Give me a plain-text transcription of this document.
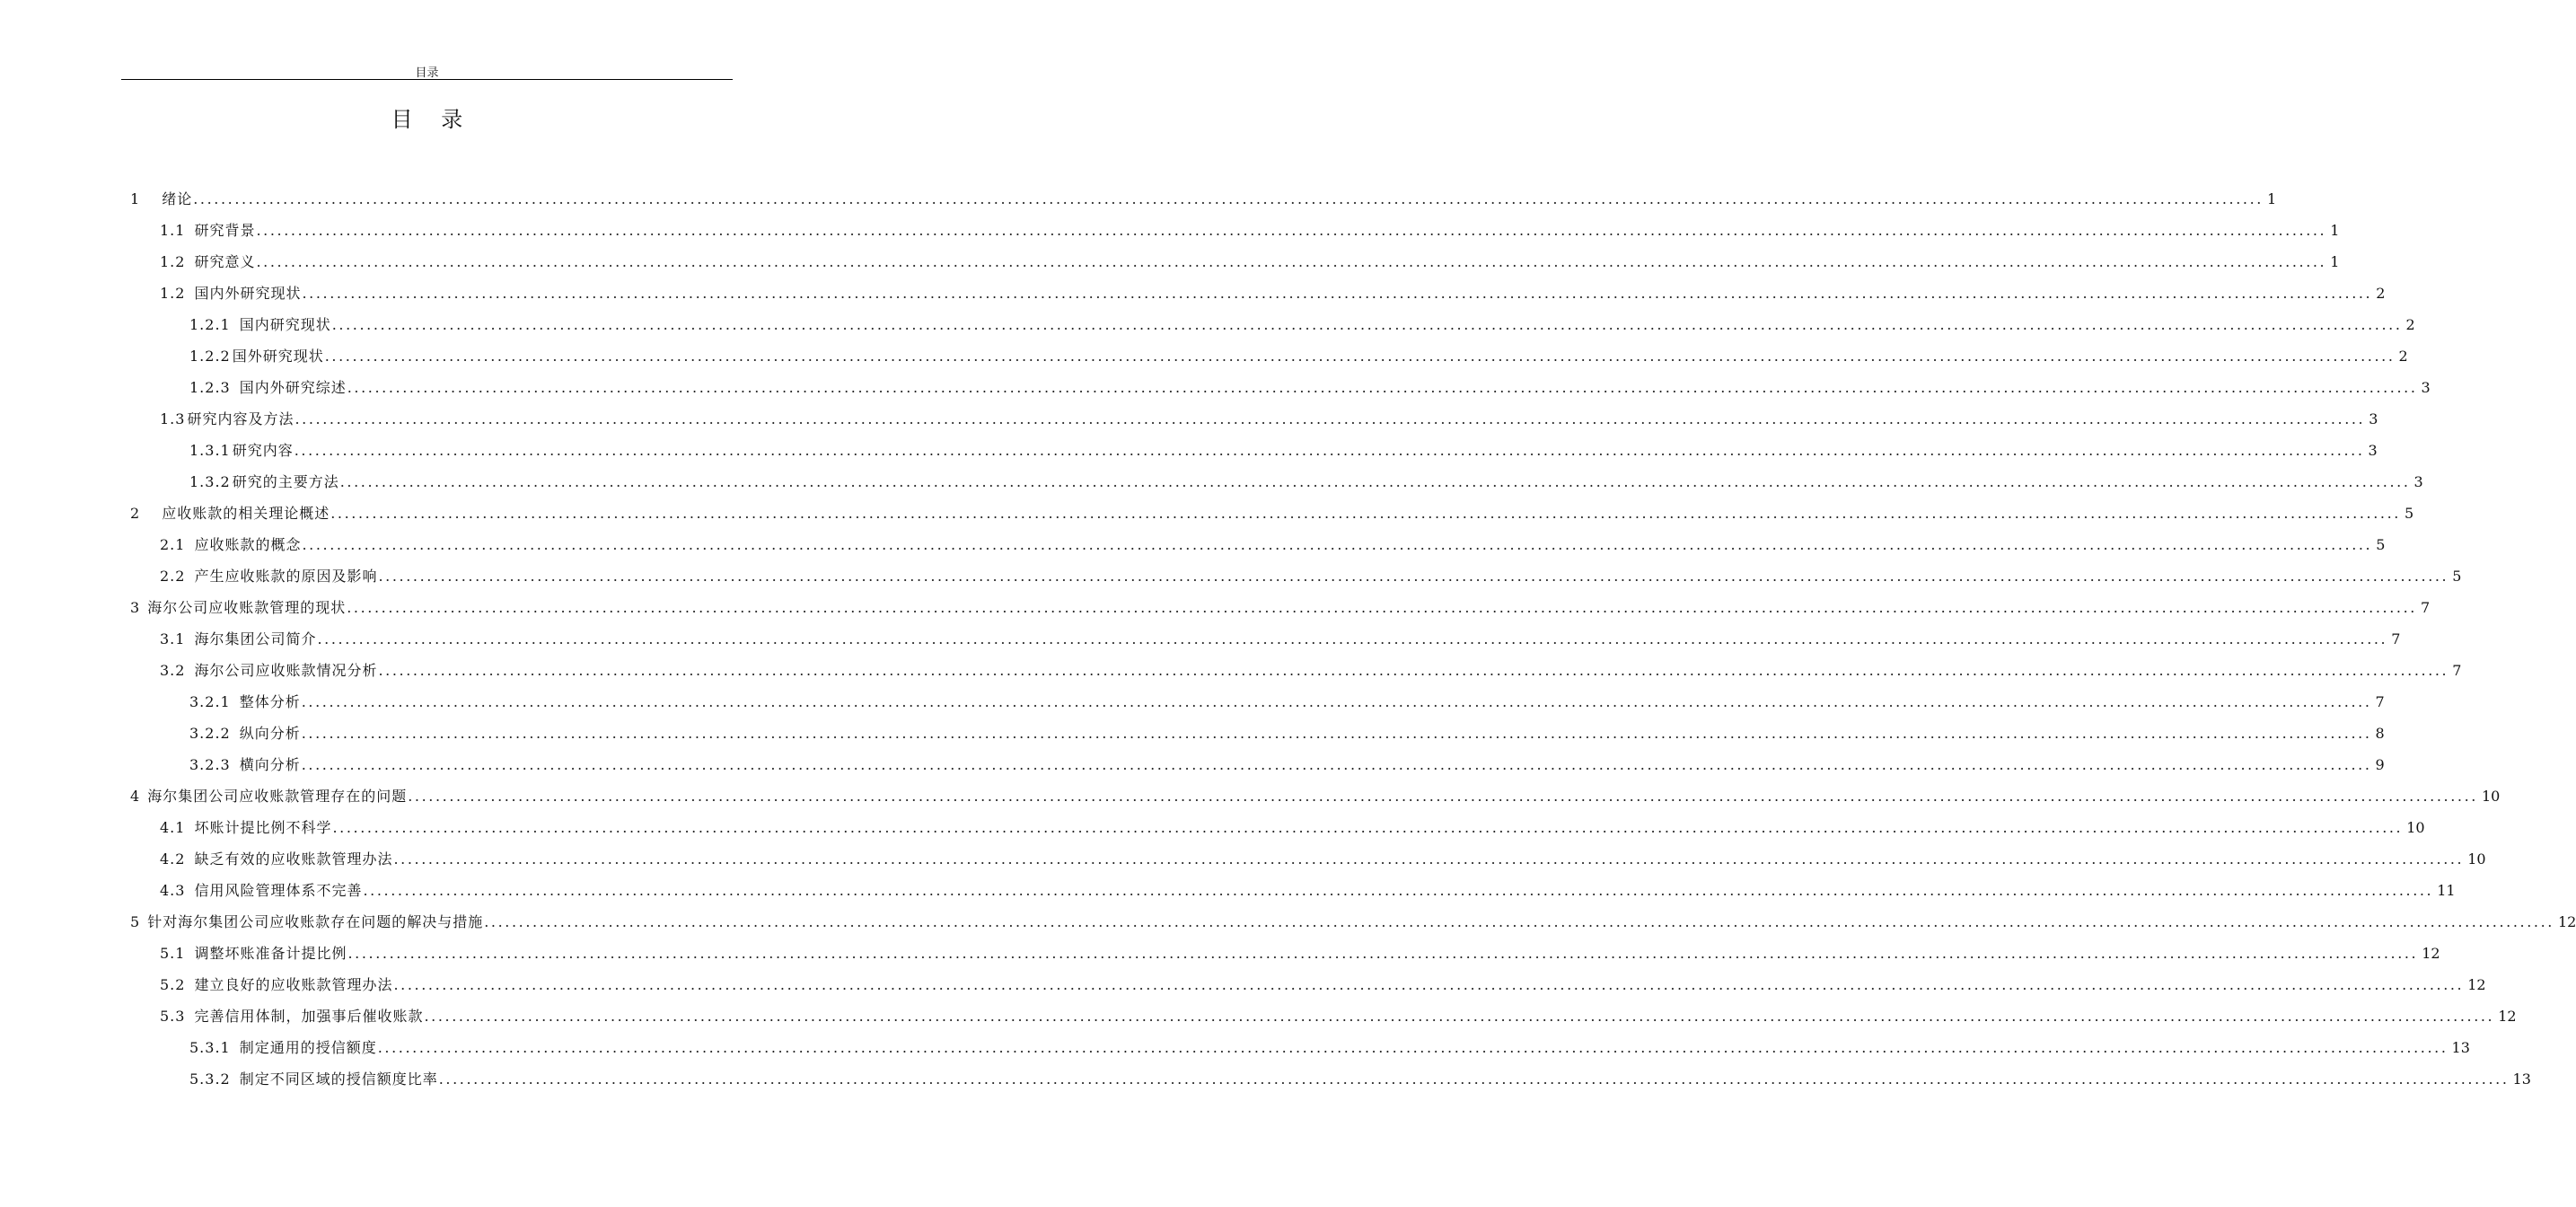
目录
目 录
1 绪论 ............................................................................................................................................................................................................................................................................................................ 1
1.1 研究背景 ............................................................................................................................................................................................................................................................................................................ 1
1.2 研究意义 ............................................................................................................................................................................................................................................................................................................ 1
1.2 国内外研究现状 ............................................................................................................................................................................................................................................................................................................ 2
1.2.1 国内研究现状 ............................................................................................................................................................................................................................................................................................................ 2
1.2.2 国外研究现状 ............................................................................................................................................................................................................................................................................................................ 2
1.2.3 国内外研究综述 ............................................................................................................................................................................................................................................................................................................ 3
1.3 研究内容及方法 ............................................................................................................................................................................................................................................................................................................ 3
1.3.1 研究内容 ............................................................................................................................................................................................................................................................................................................ 3
1.3.2 研究的主要方法 ............................................................................................................................................................................................................................................................................................................ 3
2 应收账款的相关理论概述 ............................................................................................................................................................................................................................................................................................................ 5
2.1 应收账款的概念 ............................................................................................................................................................................................................................................................................................................ 5
2.2 产生应收账款的原因及影响 ............................................................................................................................................................................................................................................................................................................ 5
3 海尔公司应收账款管理的现状 ............................................................................................................................................................................................................................................................................................................ 7
3.1 海尔集团公司简介 ............................................................................................................................................................................................................................................................................................................ 7
3.2 海尔公司应收账款情况分析 ............................................................................................................................................................................................................................................................................................................ 7
3.2.1 整体分析 ............................................................................................................................................................................................................................................................................................................ 7
3.2.2 纵向分析 ............................................................................................................................................................................................................................................................................................................ 8
3.2.3 横向分析 ............................................................................................................................................................................................................................................................................................................ 9
4 海尔集团公司应收账款管理存在的问题 ............................................................................................................................................................................................................................................................................................................ 10
4.1 坏账计提比例不科学 ............................................................................................................................................................................................................................................................................................................ 10
4.2 缺乏有效的应收账款管理办法 ............................................................................................................................................................................................................................................................................................................ 10
4.3 信用风险管理体系不完善 ............................................................................................................................................................................................................................................................................................................ 11
5 针对海尔集团公司应收账款存在问题的解决与措施 ............................................................................................................................................................................................................................................................................................................ 12
5.1 调整坏账准备计提比例 ............................................................................................................................................................................................................................................................................................................ 12
5.2 建立良好的应收账款管理办法 ............................................................................................................................................................................................................................................................................................................ 12
5.3 完善信用体制，加强事后催收账款 ............................................................................................................................................................................................................................................................................................................ 12
5.3.1 制定通用的授信额度 ............................................................................................................................................................................................................................................................................................................ 13
5.3.2 制定不同区域的授信额度比率 ............................................................................................................................................................................................................................................................................................................ 13
